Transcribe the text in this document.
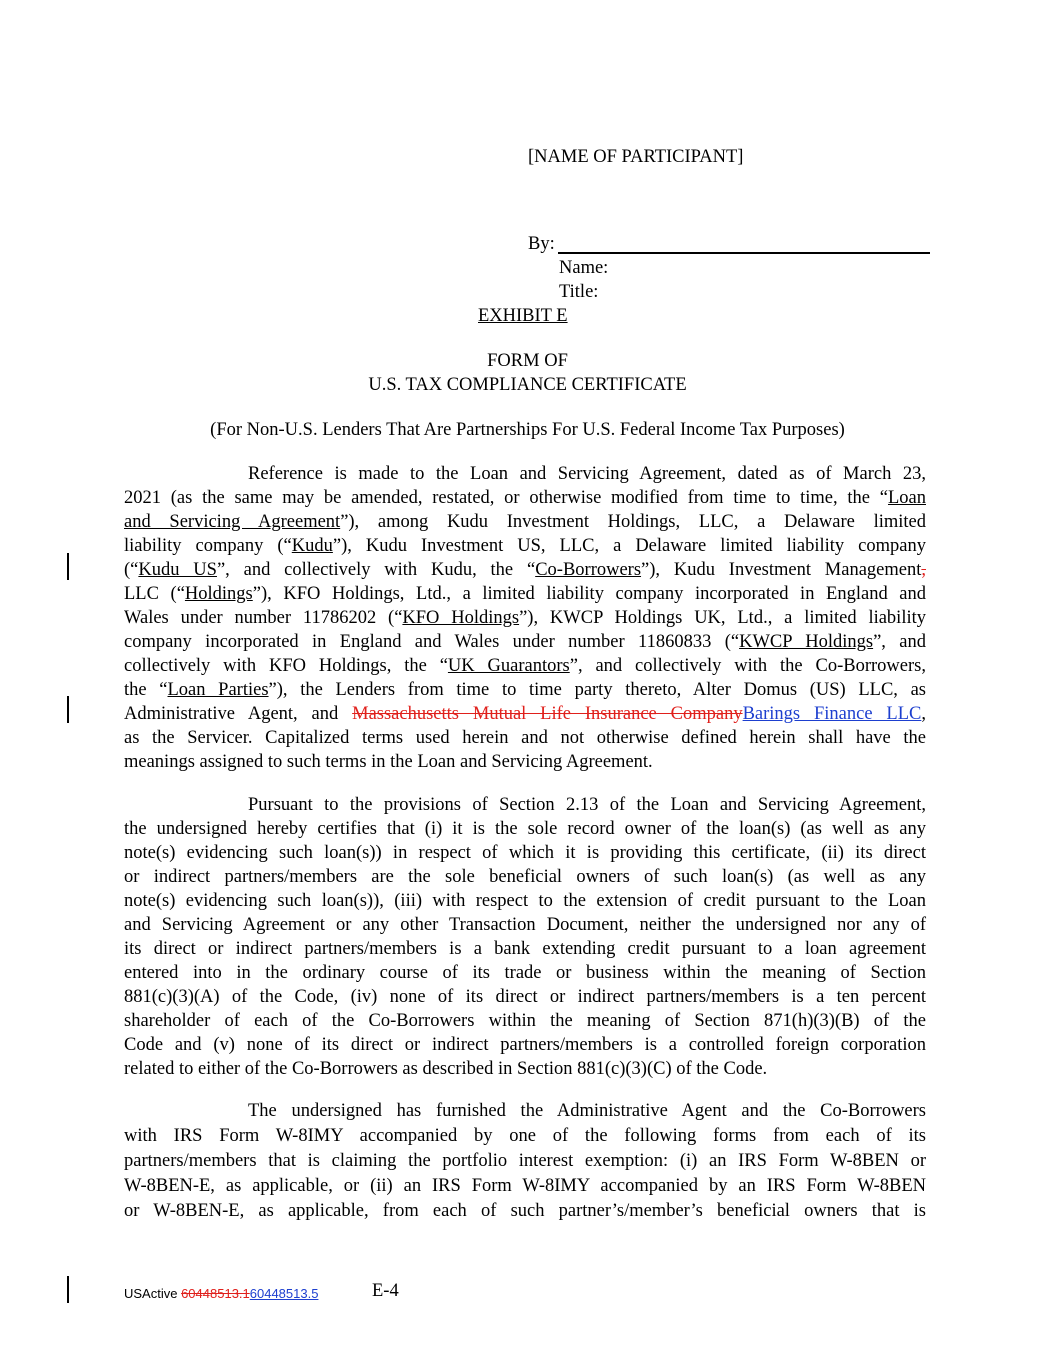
[NAME OF PARTICIPANT]
By:
Name:
Title:
EXHIBIT E
FORM OF
U.S. TAX COMPLIANCE CERTIFICATE
(For Non-U.S. Lenders That Are Partnerships For U.S. Federal Income Tax Purposes)
Reference is made to the Loan and Servicing Agreement, dated as of March 23,
2021 (as the same may be amended, restated, or otherwise modified from time to time, the “Loan
and Servicing Agreement”), among Kudu Investment Holdings, LLC, a Delaware limited
liability company (“Kudu”), Kudu Investment US, LLC, a Delaware limited liability company
(“Kudu US”, and collectively with Kudu, the “Co-Borrowers”), Kudu Investment Management,
LLC (“Holdings”), KFO Holdings, Ltd., a limited liability company incorporated in England and
Wales under number 11786202 (“KFO Holdings”), KWCP Holdings UK, Ltd., a limited liability
company incorporated in England and Wales under number 11860833 (“KWCP Holdings”, and
collectively with KFO Holdings, the “UK Guarantors”, and collectively with the Co-Borrowers,
the “Loan Parties”), the Lenders from time to time party thereto, Alter Domus (US) LLC, as
Administrative Agent, and Massachusetts Mutual Life Insurance CompanyBarings Finance LLC,
as the Servicer. Capitalized terms used herein and not otherwise defined herein shall have the
meanings assigned to such terms in the Loan and Servicing Agreement.
Pursuant to the provisions of Section 2.13 of the Loan and Servicing Agreement,
the undersigned hereby certifies that (i) it is the sole record owner of the loan(s) (as well as any
note(s) evidencing such loan(s)) in respect of which it is providing this certificate, (ii) its direct
or indirect partners/members are the sole beneficial owners of such loan(s) (as well as any
note(s) evidencing such loan(s)), (iii) with respect to the extension of credit pursuant to the Loan
and Servicing Agreement or any other Transaction Document, neither the undersigned nor any of
its direct or indirect partners/members is a bank extending credit pursuant to a loan agreement
entered into in the ordinary course of its trade or business within the meaning of Section
881(c)(3)(A) of the Code, (iv) none of its direct or indirect partners/members is a ten percent
shareholder of each of the Co-Borrowers within the meaning of Section 871(h)(3)(B) of the
Code and (v) none of its direct or indirect partners/members is a controlled foreign corporation
related to either of the Co-Borrowers as described in Section 881(c)(3)(C) of the Code.
The undersigned has furnished the Administrative Agent and the Co-Borrowers
with IRS Form W-8IMY accompanied by one of the following forms from each of its
partners/members that is claiming the portfolio interest exemption: (i) an IRS Form W-8BEN or
W-8BEN-E, as applicable, or (ii) an IRS Form W-8IMY accompanied by an IRS Form W-8BEN
or W-8BEN-E, as applicable, from each of such partner’s/member’s beneficial owners that is
USActive 60448513.160448513.5	E-4
